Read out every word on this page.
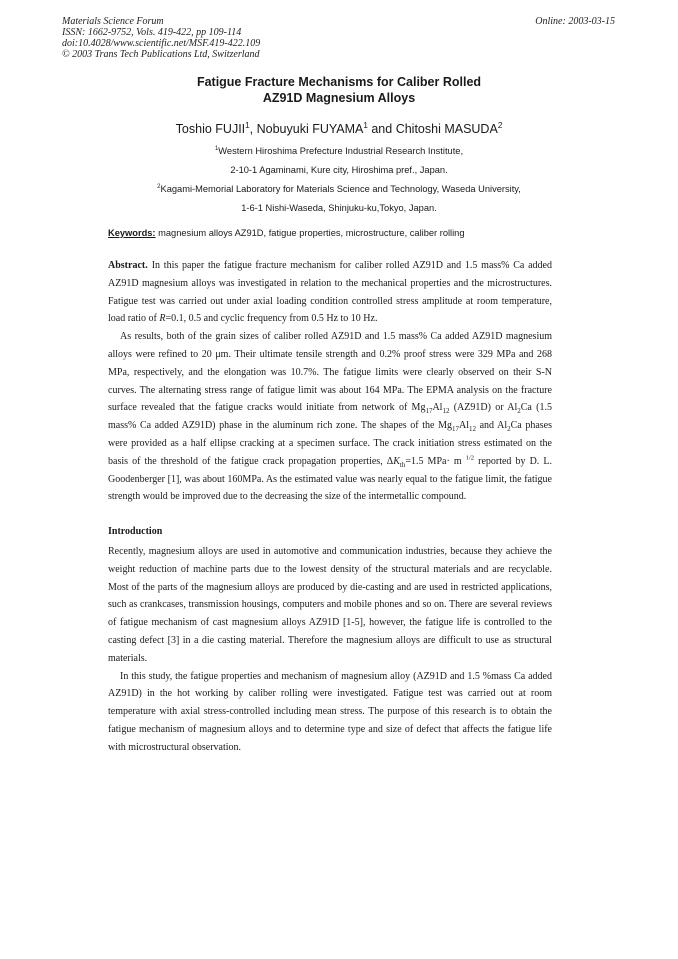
Materials Science Forum
ISSN: 1662-9752, Vols. 419-422, pp 109-114
doi:10.4028/www.scientific.net/MSF.419-422.109
© 2003 Trans Tech Publications Ltd, Switzerland
Online: 2003-03-15
Fatigue Fracture Mechanisms for Caliber Rolled
AZ91D Magnesium Alloys
Toshio FUJII$^1$, Nobuyuki FUYAMA$^1$ and Chitoshi MASUDA$^2$
$^1$Western Hiroshima Prefecture Industrial Research Institute,
2-10-1 Agaminami, Kure city, Hiroshima pref., Japan.
$^2$Kagami-Memorial Laboratory for Materials Science and Technology, Waseda University,
1-6-1 Nishi-Waseda, Shinjuku-ku,Tokyo, Japan.
Keywords: magnesium alloys AZ91D, fatigue properties, microstructure, caliber rolling

Abstract. In this paper the fatigue fracture mechanism for caliber rolled AZ91D and 1.5 mass% Ca added AZ91D magnesium alloys was investigated in relation to the mechanical properties and the microstructures. Fatigue test was carried out under axial loading condition controlled stress amplitude at room temperature, load ratio of R=0.1, 0.5 and cyclic frequency from 0.5 Hz to 10 Hz.

As results, both of the grain sizes of caliber rolled AZ91D and 1.5 mass% Ca added AZ91D magnesium alloys were refined to 20 μm. Their ultimate tensile strength and 0.2% proof stress were 329 MPa and 268 MPa, respectively, and the elongation was 10.7%. The fatigue limits were clearly observed on their S-N curves. The alternating stress range of fatigue limit was about 164 MPa. The EPMA analysis on the fracture surface revealed that the fatigue cracks would initiate from network of $Mg_{17}Al_{12}$ (AZ91D) or $Al_2Ca$ (1.5 mass% Ca added AZ91D) phase in the aluminum rich zone. The shapes of the $Mg_{17}Al_{12}$ and $Al_2Ca$ phases were provided as a half ellipse cracking at a specimen surface. The crack initiation stress estimated on the basis of the threshold of the fatigue crack propagation properties, $\Delta K_{th}=1.5$ MPa· m $^{1/2}$ reported by D. L. Goodenberger [1], was about 160MPa. As the estimated value was nearly equal to the fatigue limit, the fatigue strength would be improved due to the decreasing the size of the intermetallic compound.

Introduction

Recently, magnesium alloys are used in automotive and communication industries, because they achieve the weight reduction of machine parts due to the lowest density of the structural materials and are recyclable. Most of the parts of the magnesium alloys are produced by die-casting and are used in restricted applications, such as crankcases, transmission housings, computers and mobile phones and so on. There are several reviews of fatigue mechanism of cast magnesium alloys AZ91D [1-5], however, the fatigue life is controlled to the casting defect [3] in a die casting material. Therefore the magnesium alloys are difficult to use as structural materials.

In this study, the fatigue properties and mechanism of magnesium alloy (AZ91D and 1.5 %mass Ca added AZ91D) in the hot working by caliber rolling were investigated. Fatigue test was carried out at room temperature with axial stress-controlled including mean stress. The purpose of this research is to obtain the fatigue mechanism of magnesium alloys and to determine type and size of defect that affects the fatigue life with microstructural observation.
